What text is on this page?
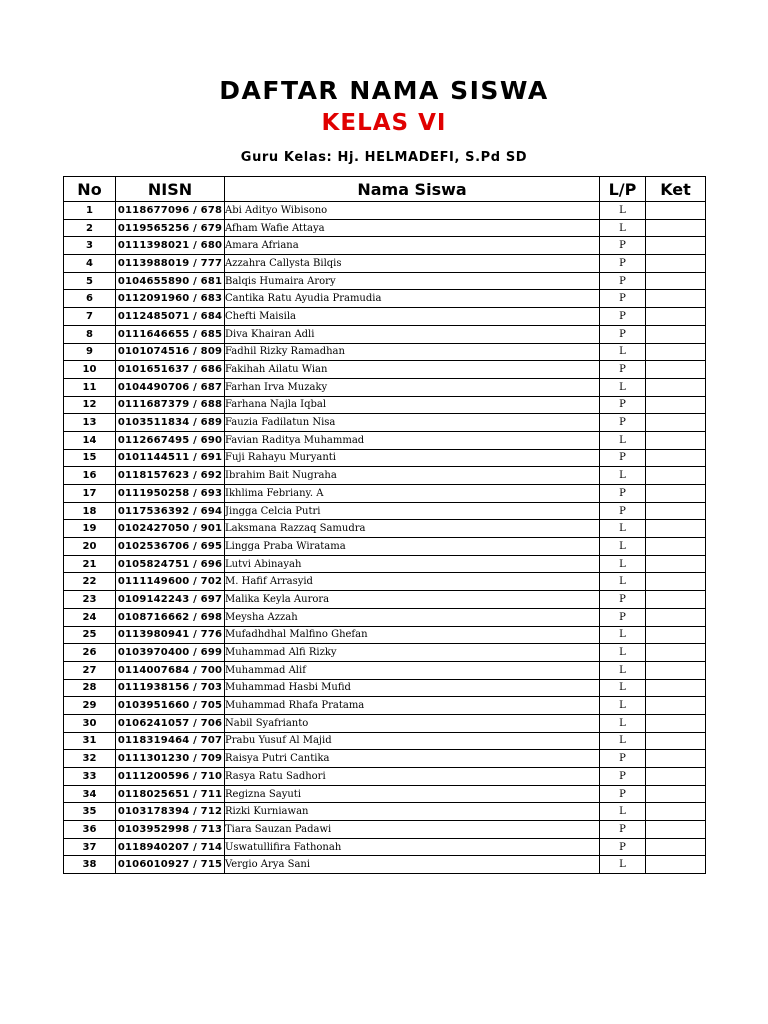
DAFTAR NAMA SISWA
KELAS VI

Guru Kelas: Hj. HELMADEFI, S.Pd SD

No	NISN	Nama Siswa	L/P	Ket
1	0118677096 / 678	Abi Adityo Wibisono	L	
2	0119565256 / 679	Afham Wafie Attaya	L	
3	0111398021 / 680	Amara Afriana	P	
4	0113988019 / 777	Azzahra Callysta Bilqis	P	
5	0104655890 / 681	Balqis Humaira Arory	P	
6	0112091960 / 683	Cantika Ratu Ayudia Pramudia	P	
7	0112485071 / 684	Chefti Maisila	P	
8	0111646655 / 685	Diva Khairan Adli	P	
9	0101074516 / 809	Fadhil Rizky Ramadhan	L	
10	0101651637 / 686	Fakihah Ailatu Wian	P	
11	0104490706 / 687	Farhan Irva Muzaky	L	
12	0111687379 / 688	Farhana Najla Iqbal	P	
13	0103511834 / 689	Fauzia Fadilatun Nisa	P	
14	0112667495 / 690	Favian Raditya Muhammad	L	
15	0101144511 / 691	Fuji Rahayu Muryanti	P	
16	0118157623 / 692	Ibrahim Bait Nugraha	L	
17	0111950258 / 693	Ikhlima Febriany. A	P	
18	0117536392 / 694	Jingga Celcia Putri	P	
19	0102427050 / 901	Laksmana Razzaq Samudra	L	
20	0102536706 / 695	Lingga Praba Wiratama	L	
21	0105824751 / 696	Lutvi Abinayah	L	
22	0111149600 / 702	M. Hafif Arrasyid	L	
23	0109142243 / 697	Malika Keyla Aurora	P	
24	0108716662 / 698	Meysha Azzah	P	
25	0113980941 / 776	Mufadhdhal Malfino Ghefan	L	
26	0103970400 / 699	Muhammad Alfi Rizky	L	
27	0114007684 / 700	Muhammad Alif	L	
28	0111938156 / 703	Muhammad Hasbi Mufid	L	
29	0103951660 / 705	Muhammad Rhafa Pratama	L	
30	0106241057 / 706	Nabil Syafrianto	L	
31	0118319464 / 707	Prabu Yusuf Al Majid	L	
32	0111301230 / 709	Raisya Putri Cantika	P	
33	0111200596 / 710	Rasya Ratu Sadhori	P	
34	0118025651 / 711	Regizna Sayuti	P	
35	0103178394 / 712	Rizki Kurniawan	L	
36	0103952998 / 713	Tiara Sauzan Padawi	P	
37	0118940207 / 714	Uswatullifira Fathonah	P	
38	0106010927 / 715	Vergio Arya Sani	L	
